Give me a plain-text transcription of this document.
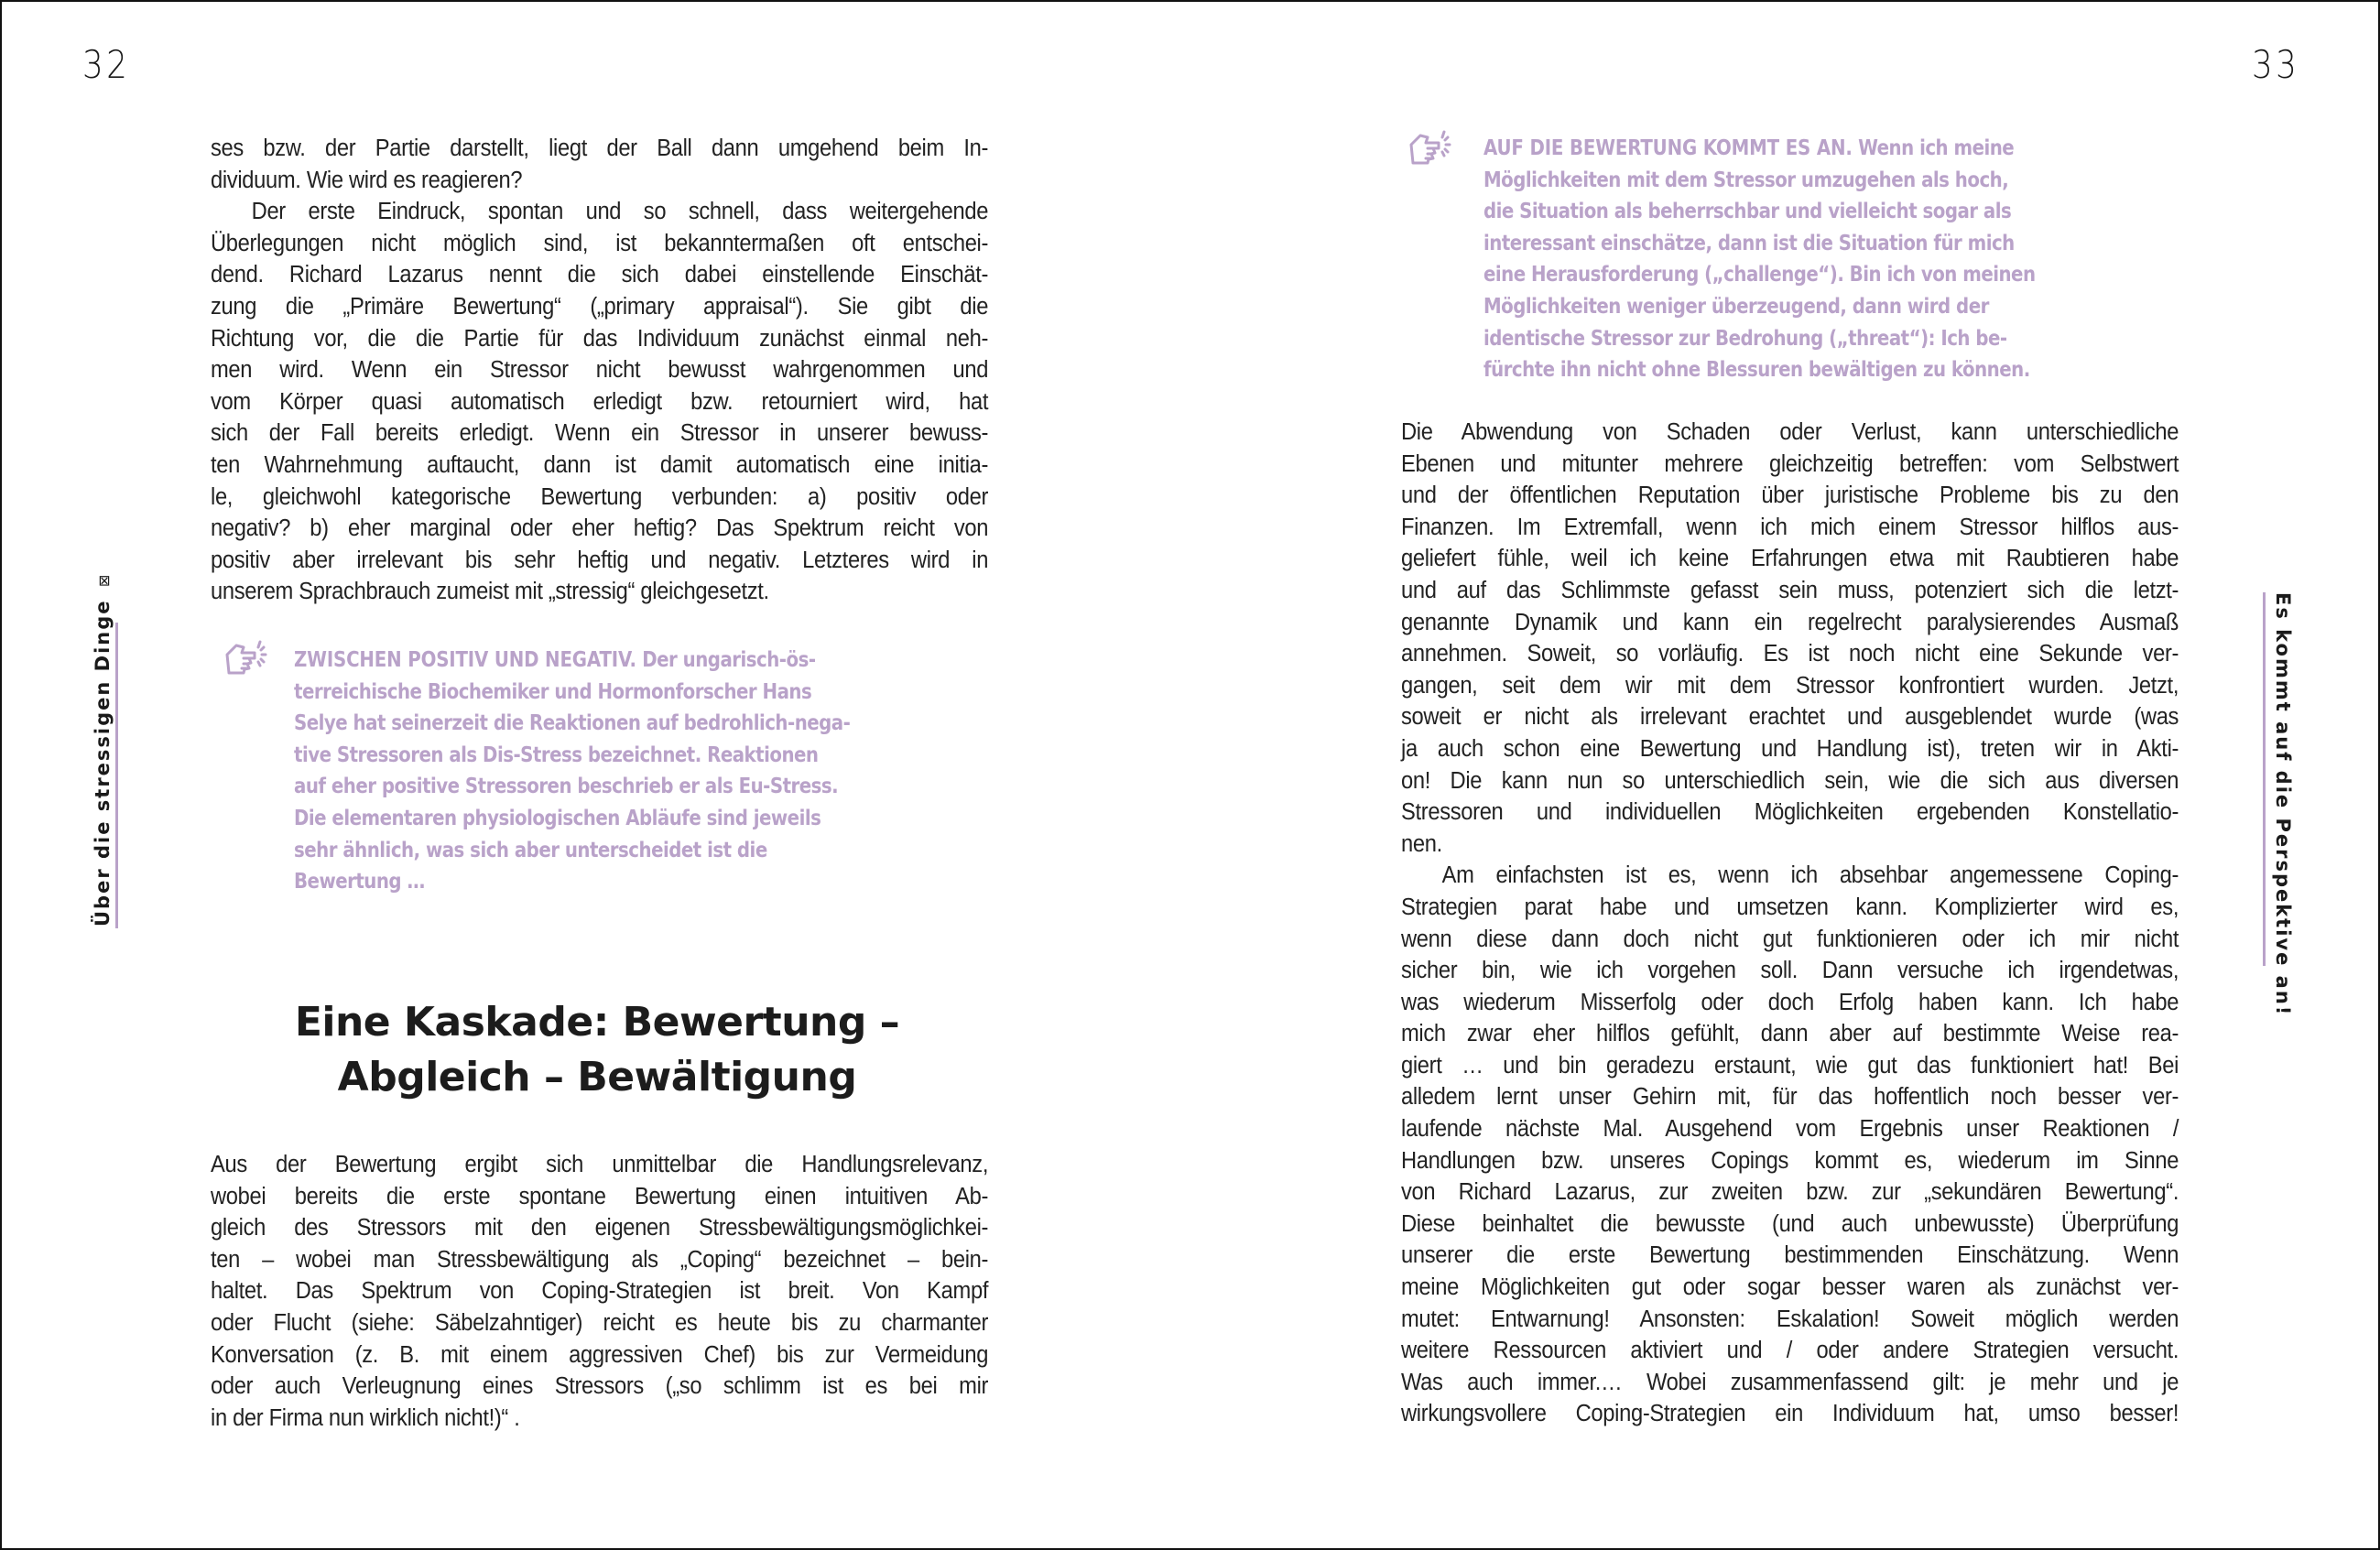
32
Über die stressigen Dinge ⊠
ses bzw. der Partie darstellt, liegt der Ball dann umgehend beim In-
dividuum. Wie wird es reagieren?
Der erste Eindruck, spontan und so schnell, dass weitergehende
Überlegungen nicht möglich sind, ist bekanntermaßen oft entschei-
dend. Richard Lazarus nennt die sich dabei einstellende Einschät-
zung die „Primäre Bewertung“ („primary appraisal“). Sie gibt die
Richtung vor, die die Partie für das Individuum zunächst einmal neh-
men wird. Wenn ein Stressor nicht bewusst wahrgenommen und
vom Körper quasi automatisch erledigt bzw. retourniert wird, hat
sich der Fall bereits erledigt. Wenn ein Stressor in unserer bewuss-
ten Wahrnehmung auftaucht, dann ist damit automatisch eine initia-
le, gleichwohl kategorische Bewertung verbunden: a) positiv oder
negativ? b) eher marginal oder eher heftig? Das Spektrum reicht von
positiv aber irrelevant bis sehr heftig und negativ. Letzteres wird in
unserem Sprachbrauch zumeist mit „stressig“ gleichgesetzt.
ZWISCHEN POSITIV UND NEGATIV. Der ungarisch-ös-
terreichische Biochemiker und Hormonforscher Hans
Selye hat seinerzeit die Reaktionen auf bedrohlich-nega-
tive Stressoren als Dis-Stress bezeichnet. Reaktionen
auf eher positive Stressoren beschrieb er als Eu-Stress.
Die elementaren physiologischen Abläufe sind jeweils
sehr ähnlich, was sich aber unterscheidet ist die
Bewertung …
Eine Kaskade: Bewertung –
Abgleich – Bewältigung
Aus der Bewertung ergibt sich unmittelbar die Handlungsrelevanz,
wobei bereits die erste spontane Bewertung einen intuitiven Ab-
gleich des Stressors mit den eigenen Stressbewältigungsmöglichkei-
ten – wobei man Stressbewältigung als „Coping“ bezeichnet – bein-
haltet. Das Spektrum von Coping-Strategien ist breit. Von Kampf
oder Flucht (siehe: Säbelzahntiger) reicht es heute bis zu charmanter
Konversation (z. B. mit einem aggressiven Chef) bis zur Vermeidung
oder auch Verleugnung eines Stressors („so schlimm ist es bei mir
in der Firma nun wirklich nicht!)“ .
33
Es kommt auf die Perspektive an!
AUF DIE BEWERTUNG KOMMT ES AN. Wenn ich meine
Möglichkeiten mit dem Stressor umzugehen als hoch,
die Situation als beherrschbar und vielleicht sogar als
interessant einschätze, dann ist die Situation für mich
eine Herausforderung („challenge“). Bin ich von meinen
Möglichkeiten weniger überzeugend, dann wird der
identische Stressor zur Bedrohung („threat“): Ich be-
fürchte ihn nicht ohne Blessuren bewältigen zu können.
Die Abwendung von Schaden oder Verlust, kann unterschiedliche
Ebenen und mitunter mehrere gleichzeitig betreffen: vom Selbstwert
und der öffentlichen Reputation über juristische Probleme bis zu den
Finanzen. Im Extremfall, wenn ich mich einem Stressor hilflos aus-
geliefert fühle, weil ich keine Erfahrungen etwa mit Raubtieren habe
und auf das Schlimmste gefasst sein muss, potenziert sich die letzt-
genannte Dynamik und kann ein regelrecht paralysierendes Ausmaß
annehmen. Soweit, so vorläufig. Es ist noch nicht eine Sekunde ver-
gangen, seit dem wir mit dem Stressor konfrontiert wurden. Jetzt,
soweit er nicht als irrelevant erachtet und ausgeblendet wurde (was
ja auch schon eine Bewertung und Handlung ist), treten wir in Akti-
on! Die kann nun so unterschiedlich sein, wie die sich aus diversen
Stressoren und individuellen Möglichkeiten ergebenden Konstellatio-
nen.
Am einfachsten ist es, wenn ich absehbar angemessene Coping-
Strategien parat habe und umsetzen kann. Komplizierter wird es,
wenn diese dann doch nicht gut funktionieren oder ich mir nicht
sicher bin, wie ich vorgehen soll. Dann versuche ich irgendetwas,
was wiederum Misserfolg oder doch Erfolg haben kann. Ich habe
mich zwar eher hilflos gefühlt, dann aber auf bestimmte Weise rea-
giert … und bin geradezu erstaunt, wie gut das funktioniert hat! Bei
alledem lernt unser Gehirn mit, für das hoffentlich noch besser ver-
laufende nächste Mal. Ausgehend vom Ergebnis unser Reaktionen /
Handlungen bzw. unseres Copings kommt es, wiederum im Sinne
von Richard Lazarus, zur zweiten bzw. zur „sekundären Bewertung“.
Diese beinhaltet die bewusste (und auch unbewusste) Überprüfung
unserer die erste Bewertung bestimmenden Einschätzung. Wenn
meine Möglichkeiten gut oder sogar besser waren als zunächst ver-
mutet: Entwarnung! Ansonsten: Eskalation! Soweit möglich werden
weitere Ressourcen aktiviert und / oder andere Strategien versucht.
Was auch immer.… Wobei zusammenfassend gilt: je mehr und je
wirkungsvollere Coping-Strategien ein Individuum hat, umso besser!
